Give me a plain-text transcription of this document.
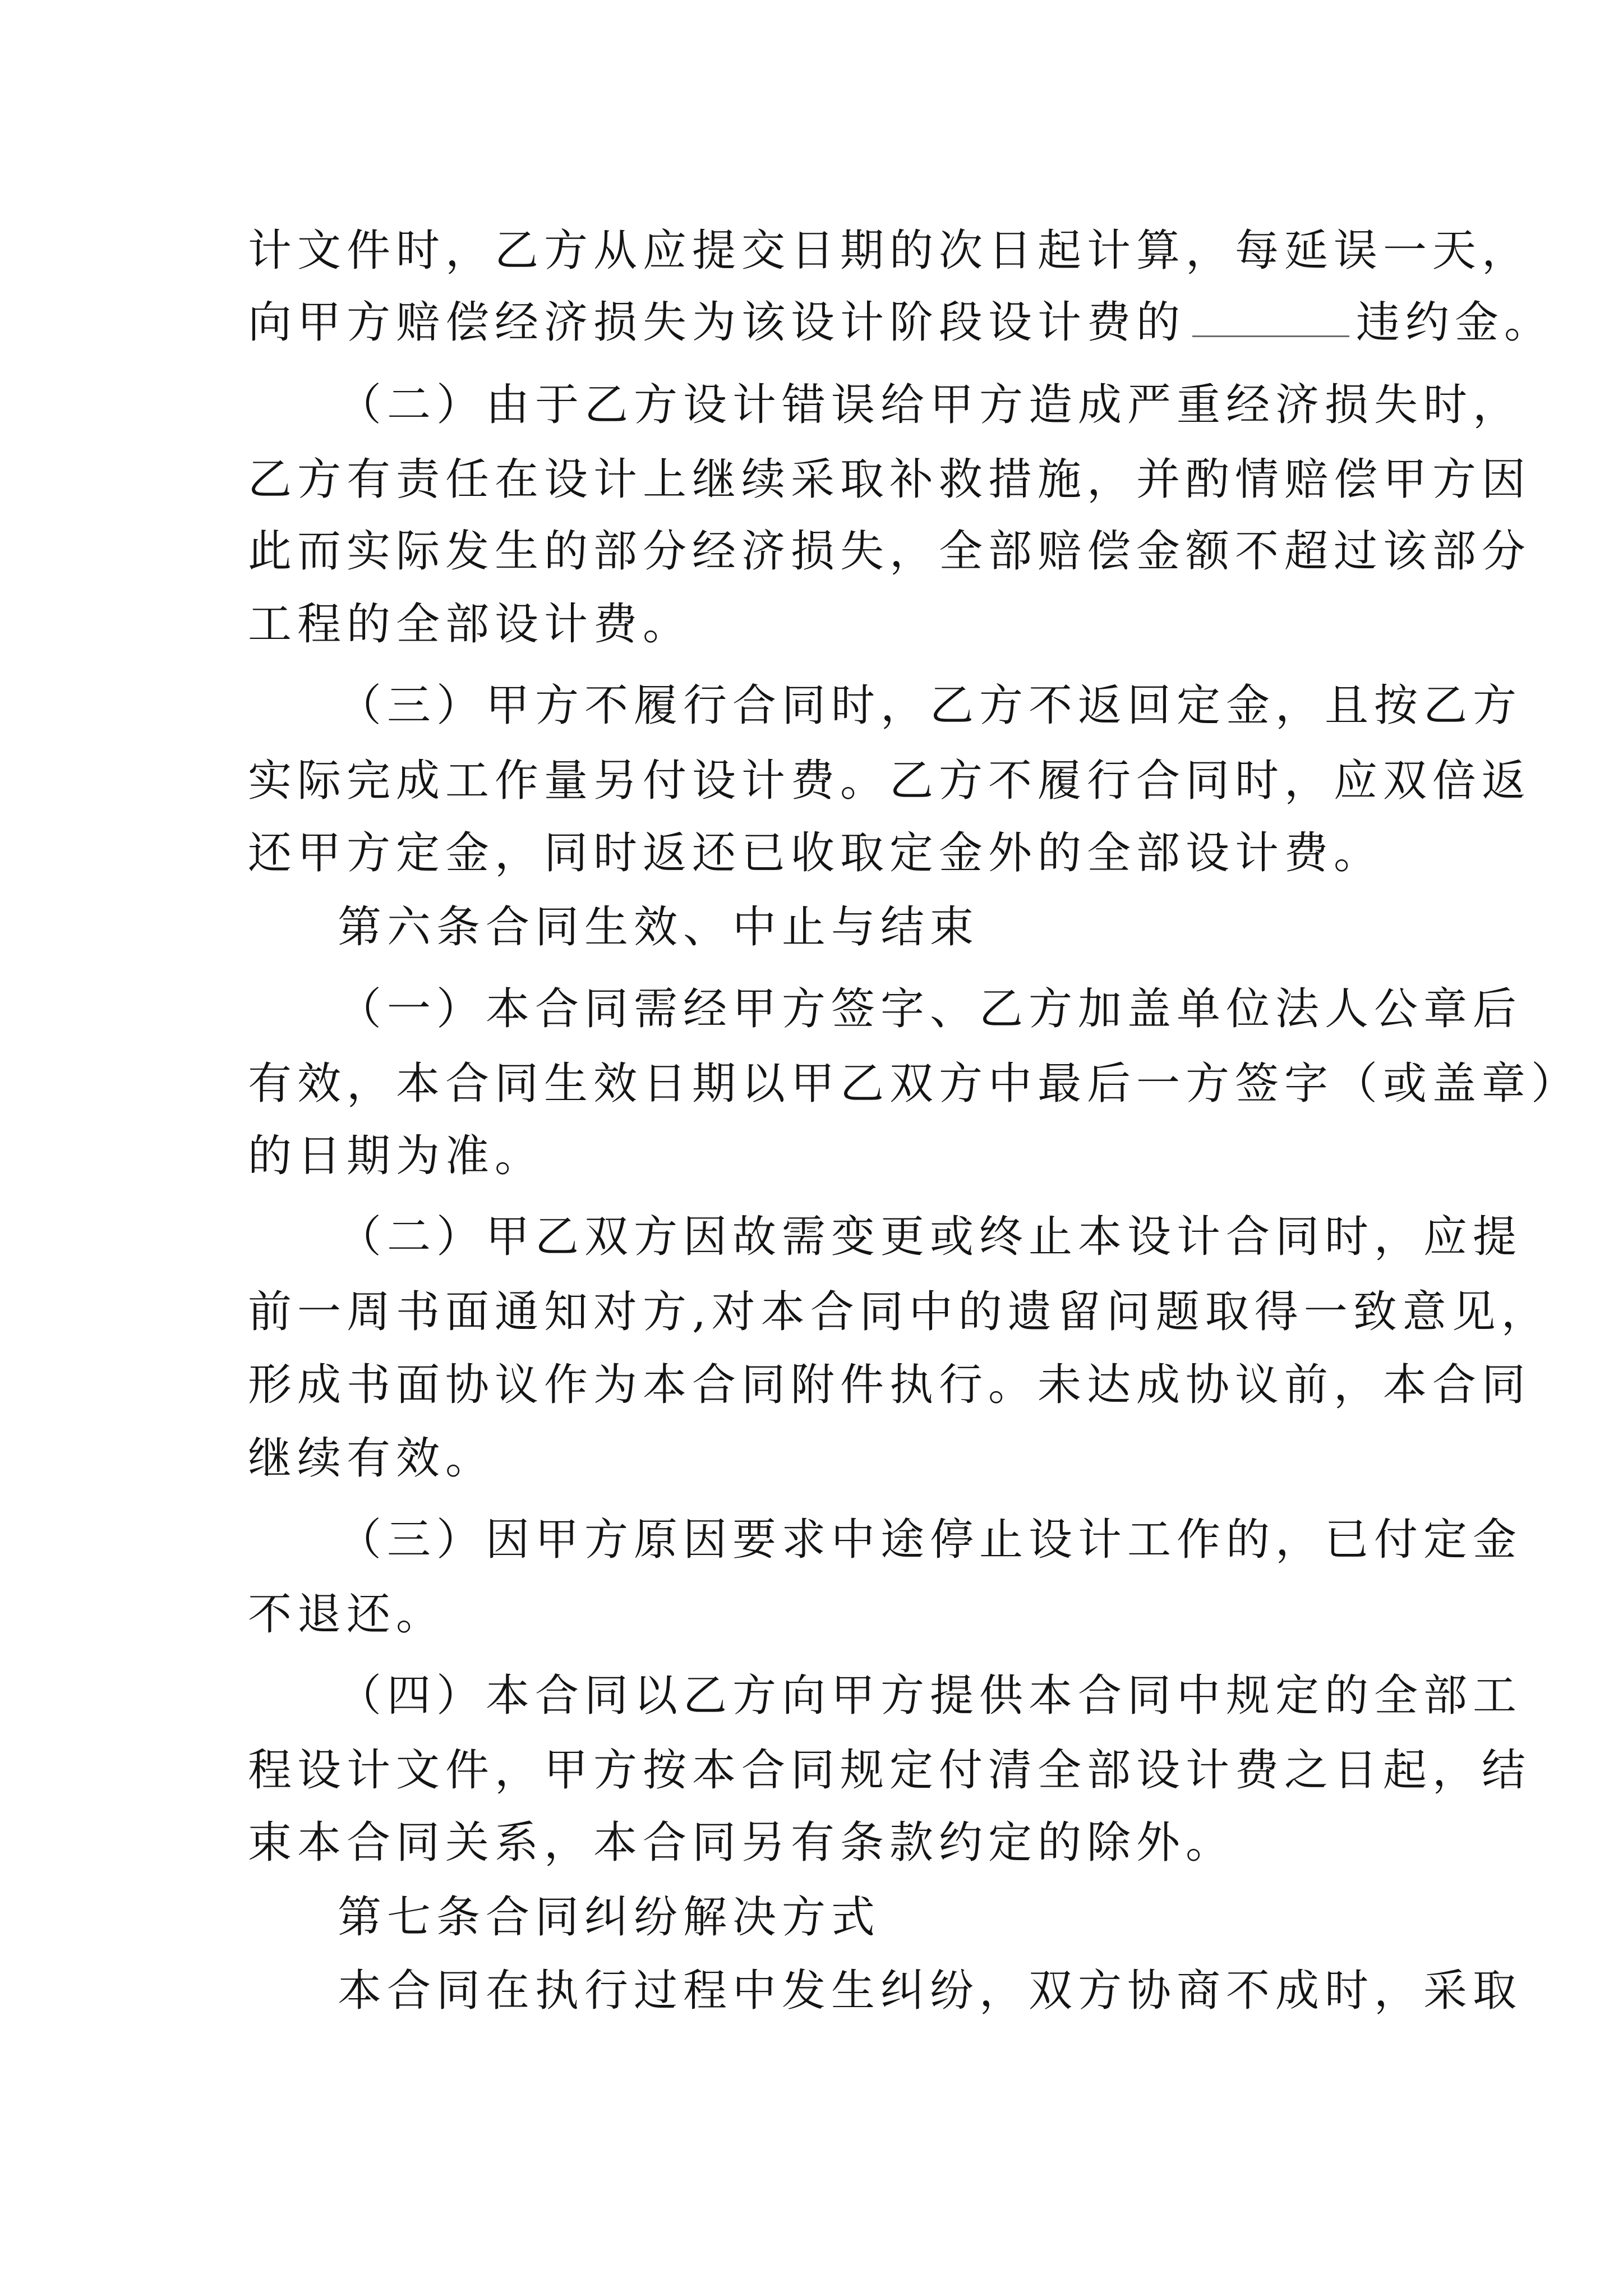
计文件时，乙方从应提交日期的次日起计算，每延误一天，

向甲方赔偿经济损失为该设计阶段设计费的	违约金。

（二）由于乙方设计错误给甲方造成严重经济损失时，

乙方有责任在设计上继续采取补救措施，并酌情赔偿甲方因

此而实际发生的部分经济损失，全部赔偿金额不超过该部分

工程的全部设计费。

（三）甲方不履行合同时，乙方不返回定金，且按乙方

实际完成工作量另付设计费。乙方不履行合同时，应双倍返

还甲方定金，同时返还已收取定金外的全部设计费。

第六条合同生效、中止与结束

（一）本合同需经甲方签字、乙方加盖单位法人公章后

有效，本合同生效日期以甲乙双方中最后一方签字（或盖章）

的日期为准。

（二）甲乙双方因故需变更或终止本设计合同时，应提

前一周书面通知对方,对本合同中的遗留问题取得一致意见，

形成书面协议作为本合同附件执行。未达成协议前，本合同

继续有效。

（三）因甲方原因要求中途停止设计工作的，已付定金

不退还。

（四）本合同以乙方向甲方提供本合同中规定的全部工

程设计文件，甲方按本合同规定付清全部设计费之日起，结

束本合同关系，本合同另有条款约定的除外。

第七条合同纠纷解决方式

本合同在执行过程中发生纠纷，双方协商不成时，采取
